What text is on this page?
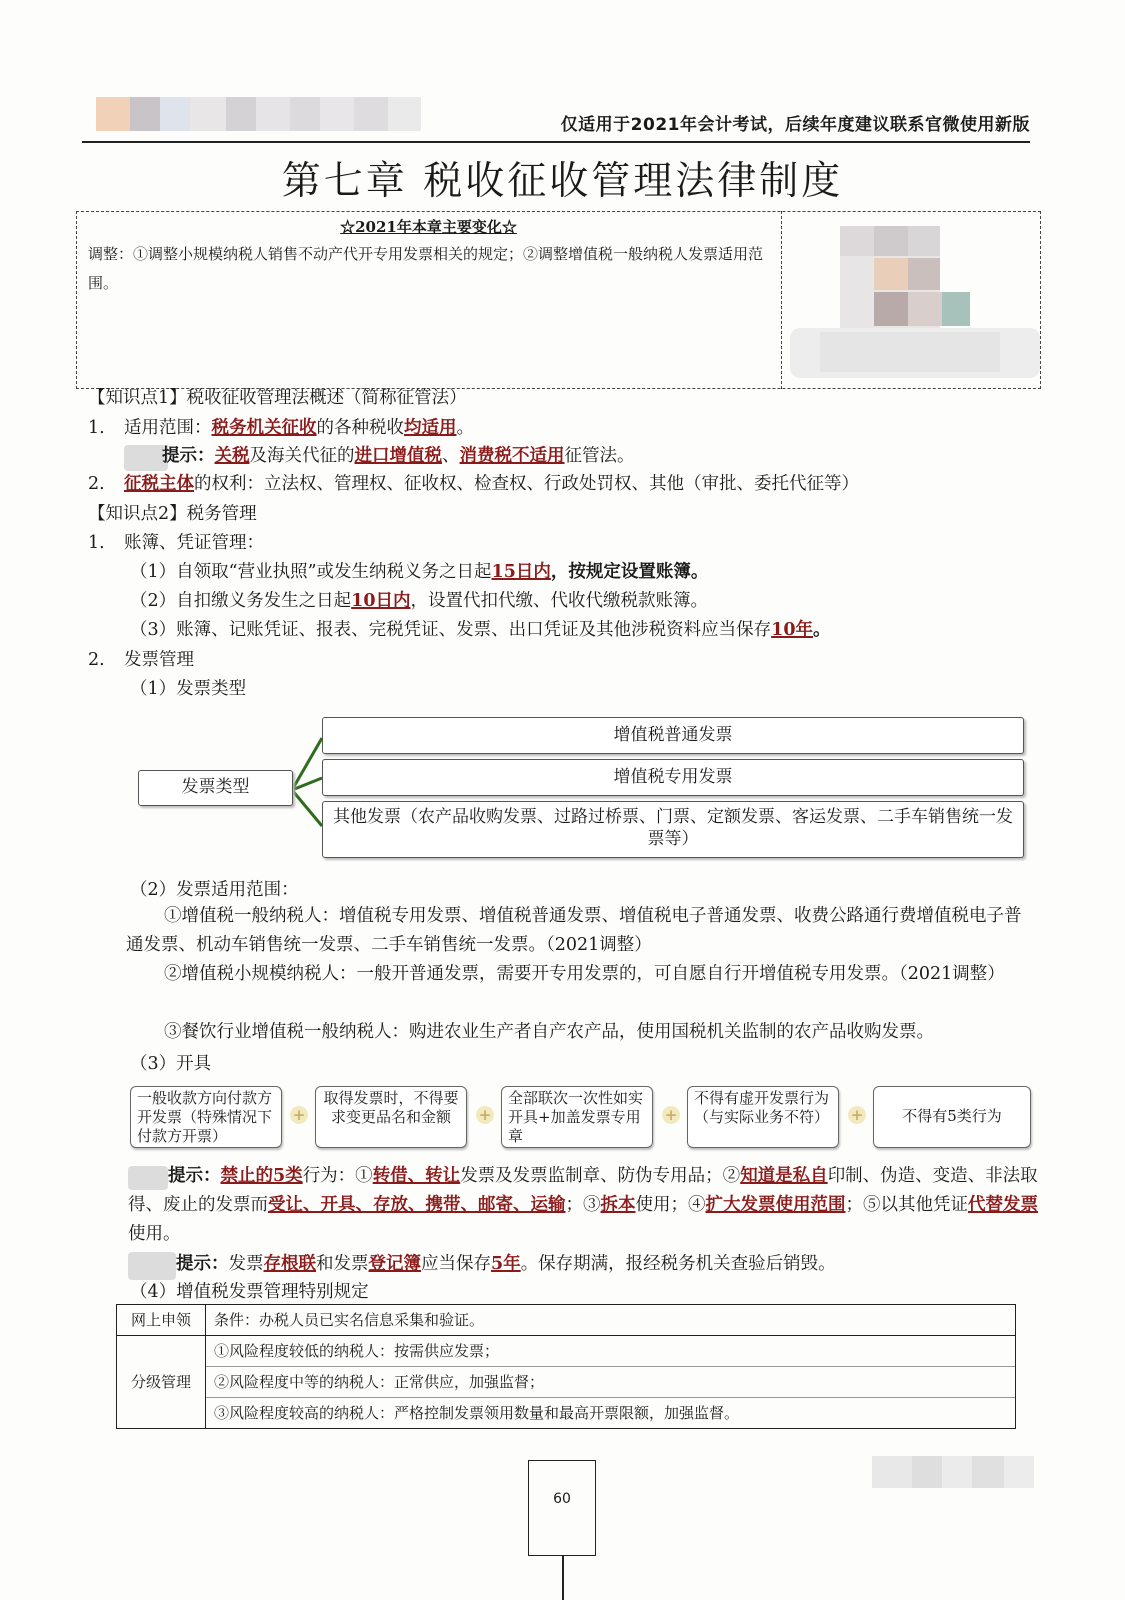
仅适用于2021年会计考试，后续年度建议联系官微使用新版
第七章 税收征收管理法律制度
☆2021年本章主要变化☆
调整：①调整小规模纳税人销售不动产代开专用发票相关的规定；②调整增值税一般纳税人发票适用范围。
【知识点1】税收征收管理法概述（简称征管法）
1. 适用范围：税务机关征收的各种税收均适用。
提示：关税及海关代征的进口增值税、消费税不适用征管法。
2. 征税主体的权利：立法权、管理权、征收权、检查权、行政处罚权、其他（审批、委托代征等）
【知识点2】税务管理
1. 账簿、凭证管理：
（1）自领取“营业执照”或发生纳税义务之日起15日内，按规定设置账簿。
（2）自扣缴义务发生之日起10日内，设置代扣代缴、代收代缴税款账簿。
（3）账簿、记账凭证、报表、完税凭证、发票、出口凭证及其他涉税资料应当保存10年。
2. 发票管理
（1）发票类型
发票类型
增值税普通发票
增值税专用发票
其他发票（农产品收购发票、过路过桥票、门票、定额发票、客运发票、二手车销售统一发票等）
（2）发票适用范围：
①增值税一般纳税人：增值税专用发票、增值税普通发票、增值税电子普通发票、收费公路通行费增值税电子普通发票、机动车销售统一发票、二手车销售统一发票。（2021调整）
②增值税小规模纳税人：一般开普通发票，需要开专用发票的，可自愿自行开增值税专用发票。（2021调整）
③餐饮行业增值税一般纳税人：购进农业生产者自产农产品，使用国税机关监制的农产品收购发票。
（3）开具
一般收款方向付款方开发票（特殊情况下付款方开票）
+
取得发票时，不得要求变更品名和金额	+
全部联次一次性如实开具+加盖发票专用章
+
不得有虚开发票行为（与实际业务不符）	+	不得有5类行为
提示：禁止的5类行为：①转借、转让发票及发票监制章、防伪专用品；②知道是私自印制、伪造、变造、非法取得、废止的发票而受让、开具、存放、携带、邮寄、运输；③拆本使用；④扩大发票使用范围；⑤以其他凭证代替发票使用。
提示：发票存根联和发票登记簿应当保存5年。保存期满，报经税务机关查验后销毁。
（4）增值税发票管理特别规定
网上申领	条件：办税人员已实名信息采集和验证。
分级管理	①风险程度较低的纳税人：按需供应发票；
②风险程度中等的纳税人：正常供应，加强监督；
③风险程度较高的纳税人：严格控制发票领用数量和最高开票限额，加强监督。
60
